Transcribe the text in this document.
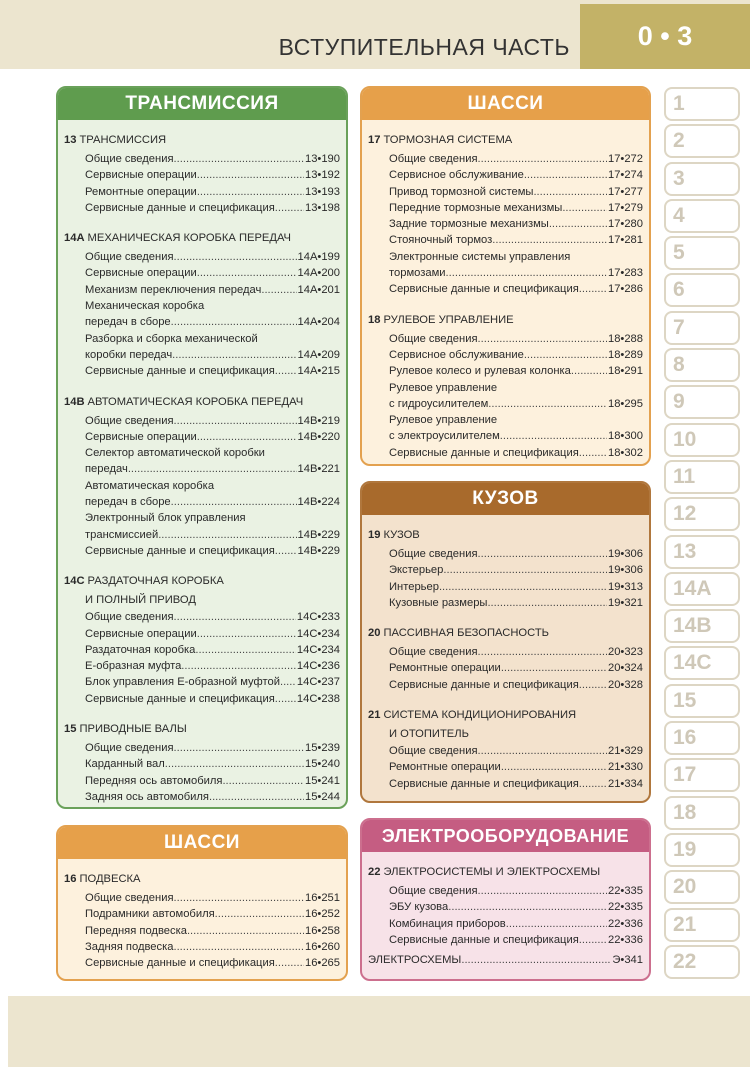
ВСТУПИТЕЛЬНАЯ ЧАСТЬ	0 • 3
ТРАНСМИССИЯ
13 ТРАНСМИССИЯ
Общие сведения .....	13•190
Сервисные операции .....	13•192
Ремонтные операции .....	13•193
Сервисные данные и спецификация .....	13•198
14A МЕХАНИЧЕСКАЯ КОРОБКА ПЕРЕДАЧ
Общие сведения .....	14A•199
Сервисные операции .....	14A•200
Механизм переключения передач .....	14A•201
Механическая коробка
передач в сборе .....	14A•204
Разборка и сборка механической
коробки передач .....	14A•209
Сервисные данные и спецификация ..... 14A•215
14B АВТОМАТИЧЕСКАЯ КОРОБКА ПЕРЕДАЧ
Общие сведения .....	14B•219
Сервисные операции .....	14B•220
Селектор автоматической коробки
передач .....	14B•221
Автоматическая коробка
передач в сборе .....	14B•224
Электронный блок управления
трансмиссией .....	14B•229
Сервисные данные и спецификация ..... 14B•229
14C РАЗДАТОЧНАЯ КОРОБКА
И ПОЛНЫЙ ПРИВОД
Общие сведения .....	14C•233
Сервисные операции .....	14C•234
Раздаточная коробка .....	14C•234
E-образная муфта .....	14C•236
Блок управления E-образной муфтой ..... 14C•237
Сервисные данные и спецификация ..... 14C•238
15 ПРИВОДНЫЕ ВАЛЫ
Общие сведения .....	15•239
Карданный вал .....	15•240
Передняя ось автомобиля .....	15•241
Задняя ось автомобиля .....	15•244
.....
ШАССИ
17 ТОРМОЗНАЯ СИСТЕМА
Общие сведения .....	17•272
Сервисное обслуживание .....	17•274
Привод тормозной системы .....	17•277
Передние тормозные механизмы .....	17•279
Задние тормозные механизмы .....	17•280
Стояночный тормоз .....	17•281
Электронные системы управления
тормозами .....	17•283
Сервисные данные и спецификация .....	17•286
18 РУЛЕВОЕ УПРАВЛЕНИЕ
Общие сведения .....	18•288
Сервисное обслуживание .....	18•289
Рулевое колесо и рулевая колонка .....	18•291
Рулевое управление
с гидроусилителем .....	18•295
Рулевое управление
с электроусилителем .....	18•300
Сервисные данные и спецификация .....	18•302
КУЗОВ
19 КУЗОВ
Общие сведения .....	19•306
Экстерьер .....	19•306
Интерьер .....	19•313
Кузовные размеры .....	19•321
20 ПАССИВНАЯ БЕЗОПАСНОСТЬ
Общие сведения .....	20•323
Ремонтные операции .....	20•324
Сервисные данные и спецификация .....	20•328
21 СИСТЕМА КОНДИЦИОНИРОВАНИЯ
И ОТОПИТЕЛЬ
Общие сведения .....	21•329
Ремонтные операции .....	21•330
Сервисные данные и спецификация .....	21•334
ШАССИ
16 ПОДВЕСКА
Общие сведения .....	16•251
Подрамники автомобиля .....	16•252
Передняя подвеска .....	16•258
Задняя подвеска .....	16•260
Сервисные данные и спецификация .....	16•265
ЭЛЕКТРООБОРУДОВАНИЕ
22 ЭЛЕКТРОСИСТЕМЫ И ЭЛЕКТРОСХЕМЫ
Общие сведения .....	22•335
ЭБУ кузова .....	22•335
Комбинация приборов .....	22•336
Сервисные данные и спецификация .....	22•336
ЭЛЕКТРОСХЕМЫ .....	Э•341
1
2
3
4
5
6
7
8
9
10
11
12
13
14A
14B
14C
15
16
17
18
19
20
21
22
